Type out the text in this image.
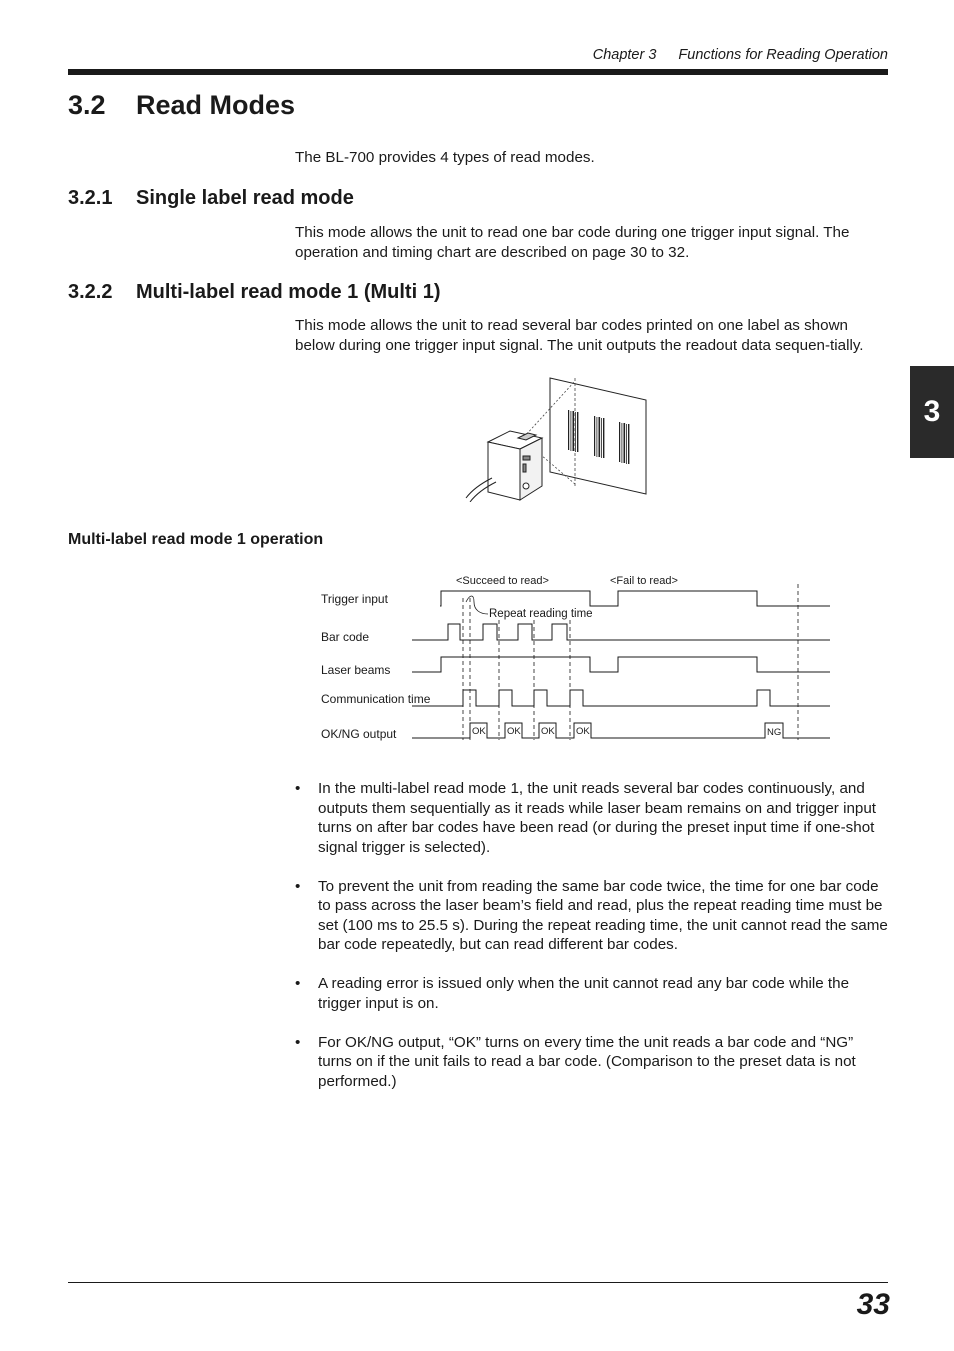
Chapter 3 Functions for Reading Operation
3.2 Read Modes
The BL-700 provides 4 types of read modes.
3.2.1 Single label read mode
This mode allows the unit to read one bar code during one trigger input signal. The operation and timing chart are described on page 30 to 32.
3.2.2 Multi-label read mode 1 (Multi 1)
This mode allows the unit to read several bar codes printed on one label as shown below during one trigger input signal. The unit outputs the readout data sequen-tially.
3
Multi-label read mode 1 operation
<Succeed to read>	<Fail to read>
Trigger input
Bar code
Laser beams
Communication time
OK/NG output
Repeat reading time
OK OK OK OK	NG
• In the multi-label read mode 1, the unit reads several bar codes continuously, and outputs them sequentially as it reads while laser beam remains on and trigger input turns on after bar codes have been read (or during the preset input time if one-shot signal trigger is selected).
• To prevent the unit from reading the same bar code twice, the time for one bar code to pass across the laser beam’s field and read, plus the repeat reading time must be set (100 ms to 25.5 s). During the repeat reading time, the unit cannot read the same bar code repeatedly, but can read different bar codes.
• A reading error is issued only when the unit cannot read any bar code while the trigger input is on.
• For OK/NG output, “OK” turns on every time the unit reads a bar code and “NG” turns on if the unit fails to read a bar code. (Comparison to the preset data is not performed.)
33
